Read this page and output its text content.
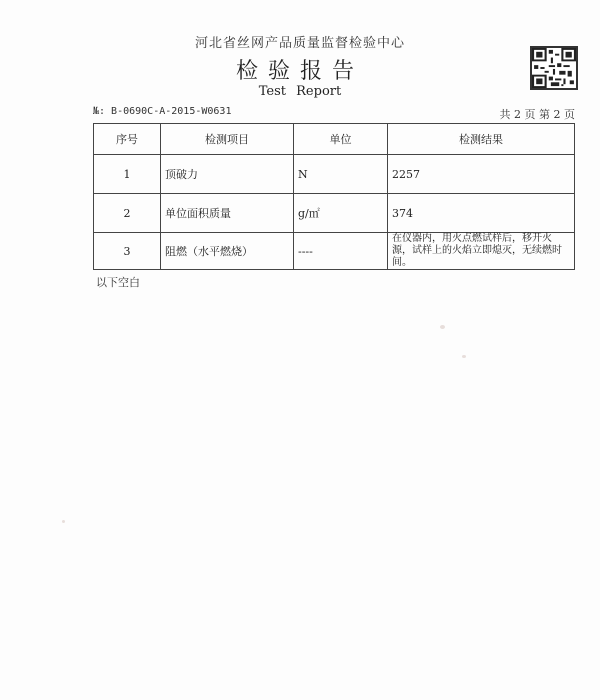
河北省丝网产品质量监督检验中心
检验报告
Test Report
№: B-0690C-A-2015-W0631	共 2 页 第 2 页
序号	检测项目	单位	检测结果
1	顶破力	N	2257
2	单位面积质量	g/㎡	374
3	阻燃（水平燃烧）	----	在仪器内，用火点燃试样后，移开火源，试样上的火焰立即熄灭，无续燃时间。
以下空白
